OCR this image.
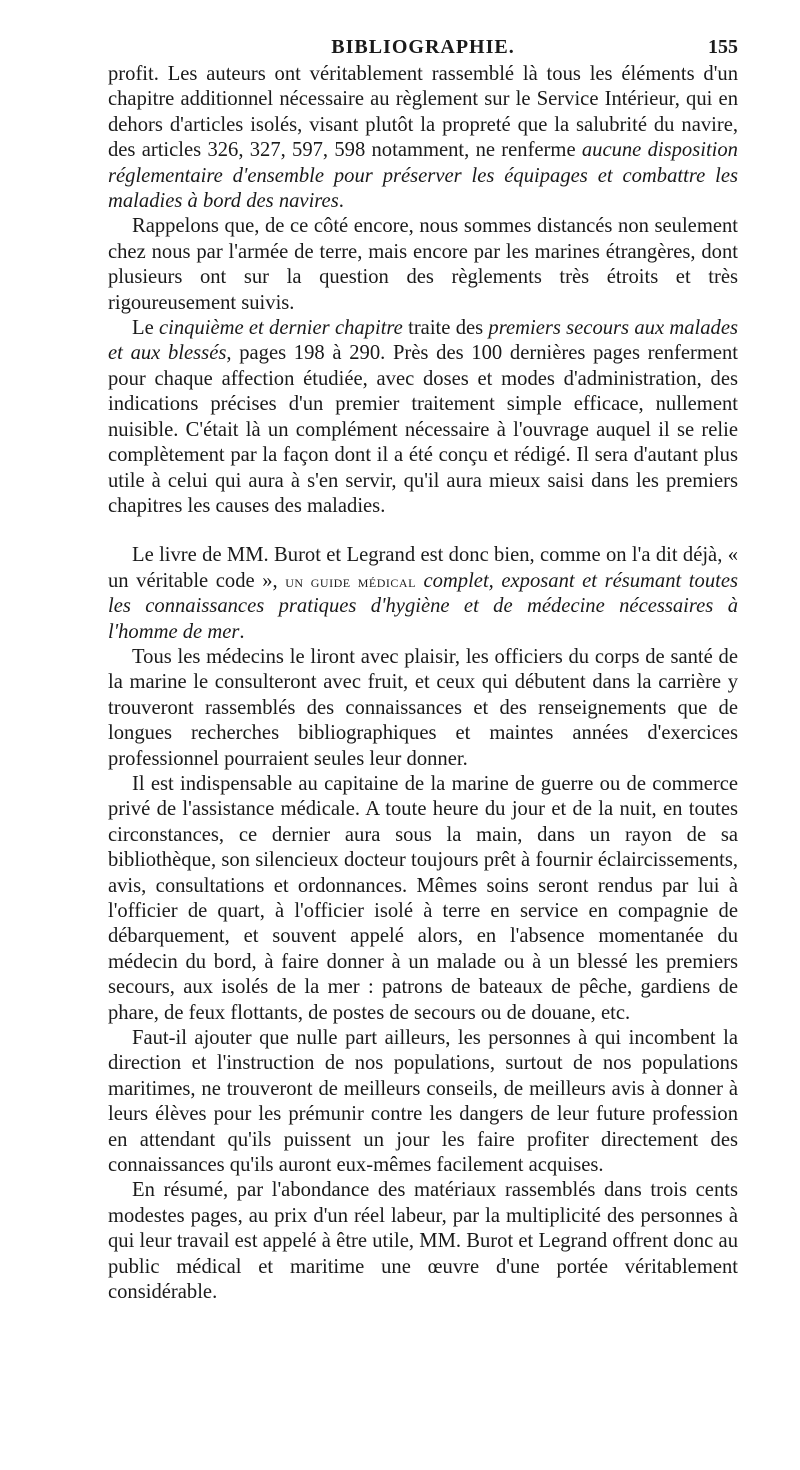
BIBLIOGRAPHIE.	155

profit. Les auteurs ont véritablement rassemblé là tous les éléments d'un chapitre additionnel nécessaire au règlement sur le Service Intérieur, qui en dehors d'articles isolés, visant plutôt la propreté que la salubrité du navire, des articles 326, 327, 597, 598 notamment, ne renferme aucune disposition réglementaire d'ensemble pour préserver les équipages et combattre les maladies à bord des navires.

Rappelons que, de ce côté encore, nous sommes distancés non seulement chez nous par l'armée de terre, mais encore par les marines étrangères, dont plusieurs ont sur la question des règlements très étroits et très rigoureusement suivis.

Le cinquième et dernier chapitre traite des premiers secours aux malades et aux blessés, pages 198 à 290. Près des 100 dernières pages renferment pour chaque affection étudiée, avec doses et modes d'administration, des indications précises d'un premier traitement simple efficace, nullement nuisible. C'était là un complément nécessaire à l'ouvrage auquel il se relie complètement par la façon dont il a été conçu et rédigé. Il sera d'autant plus utile à celui qui aura à s'en servir, qu'il aura mieux saisi dans les premiers chapitres les causes des maladies.

Le livre de MM. Burot et Legrand est donc bien, comme on l'a dit déjà, « un véritable code », un guide médical complet, exposant et résumant toutes les connaissances pratiques d'hygiène et de médecine nécessaires à l'homme de mer.

Tous les médecins le liront avec plaisir, les officiers du corps de santé de la marine le consulteront avec fruit, et ceux qui débutent dans la carrière y trouveront rassemblés des connaissances et des renseignements que de longues recherches bibliographiques et maintes années d'exercices professionnel pourraient seules leur donner.

Il est indispensable au capitaine de la marine de guerre ou de commerce privé de l'assistance médicale. A toute heure du jour et de la nuit, en toutes circonstances, ce dernier aura sous la main, dans un rayon de sa bibliothèque, son silencieux docteur toujours prêt à fournir éclaircissements, avis, consultations et ordonnances. Mêmes soins seront rendus par lui à l'officier de quart, à l'officier isolé à terre en service en compagnie de débarquement, et souvent appelé alors, en l'absence momentanée du médecin du bord, à faire donner à un malade ou à un blessé les premiers secours, aux isolés de la mer : patrons de bateaux de pêche, gardiens de phare, de feux flottants, de postes de secours ou de douane, etc.

Faut-il ajouter que nulle part ailleurs, les personnes à qui incombent la direction et l'instruction de nos populations, surtout de nos populations maritimes, ne trouveront de meilleurs conseils, de meilleurs avis à donner à leurs élèves pour les prémunir contre les dangers de leur future profession en attendant qu'ils puissent un jour les faire profiter directement des connaissances qu'ils auront eux-mêmes facilement acquises.

En résumé, par l'abondance des matériaux rassemblés dans trois cents modestes pages, au prix d'un réel labeur, par la multiplicité des personnes à qui leur travail est appelé à être utile, MM. Burot et Legrand offrent donc au public médical et maritime une œuvre d'une portée véritablement considérable.
